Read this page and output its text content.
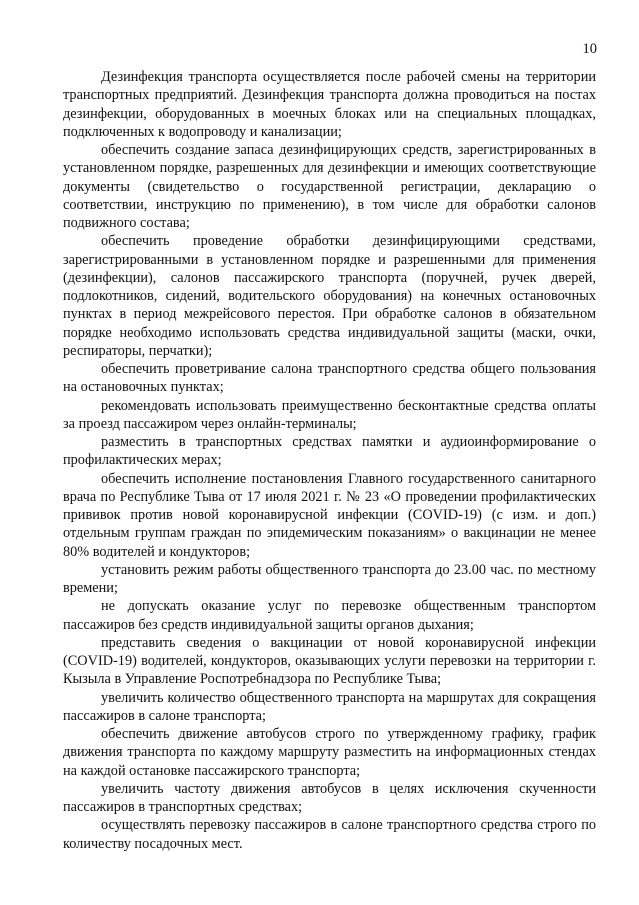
10

Дезинфекция транспорта осуществляется после рабочей смены на территории транспортных предприятий. Дезинфекция транспорта должна проводиться на постах дезинфекции, оборудованных в моечных блоках или на специальных площадках, подключенных к водопроводу и канализации;

обеспечить создание запаса дезинфицирующих средств, зарегистрированных в установленном порядке, разрешенных для дезинфекции и имеющих соответствующие документы (свидетельство о государственной регистрации, декларацию о соответствии, инструкцию по применению), в том числе для обработки салонов подвижного состава;

обеспечить проведение обработки дезинфицирующими средствами, зарегистрированными в установленном порядке и разрешенными для применения (дезинфекции), салонов пассажирского транспорта (поручней, ручек дверей, подлокотников, сидений, водительского оборудования) на конечных остановочных пунктах в период межрейсового перестоя. При обработке салонов в обязательном порядке необходимо использовать средства индивидуальной защиты (маски, очки, респираторы, перчатки);

обеспечить проветривание салона транспортного средства общего пользования на остановочных пунктах;

рекомендовать использовать преимущественно бесконтактные средства оплаты за проезд пассажиром через онлайн-терминалы;

разместить в транспортных средствах памятки и аудиоинформирование о профилактических мерах;

обеспечить исполнение постановления Главного государственного санитарного врача по Республике Тыва от 17 июля 2021 г. № 23 «О проведении профилактических прививок против новой коронавирусной инфекции (COVID-19) (с изм. и доп.) отдельным группам граждан по эпидемическим показаниям» о вакцинации не менее 80% водителей и кондукторов;

установить режим работы общественного транспорта до 23.00 час. по местному времени;

не допускать оказание услуг по перевозке общественным транспортом пассажиров без средств индивидуальной защиты органов дыхания;

представить сведения о вакцинации от новой коронавирусной инфекции (COVID-19) водителей, кондукторов, оказывающих услуги перевозки на территории г. Кызыла в Управление Роспотребнадзора по Республике Тыва;

увеличить количество общественного транспорта на маршрутах для сокращения пассажиров в салоне транспорта;

обеспечить движение автобусов строго по утвержденному графику, график движения транспорта по каждому маршруту разместить на информационных стендах на каждой остановке пассажирского транспорта;

увеличить частоту движения автобусов в целях исключения скученности пассажиров в транспортных средствах;

осуществлять перевозку пассажиров в салоне транспортного средства строго по количеству посадочных мест.
